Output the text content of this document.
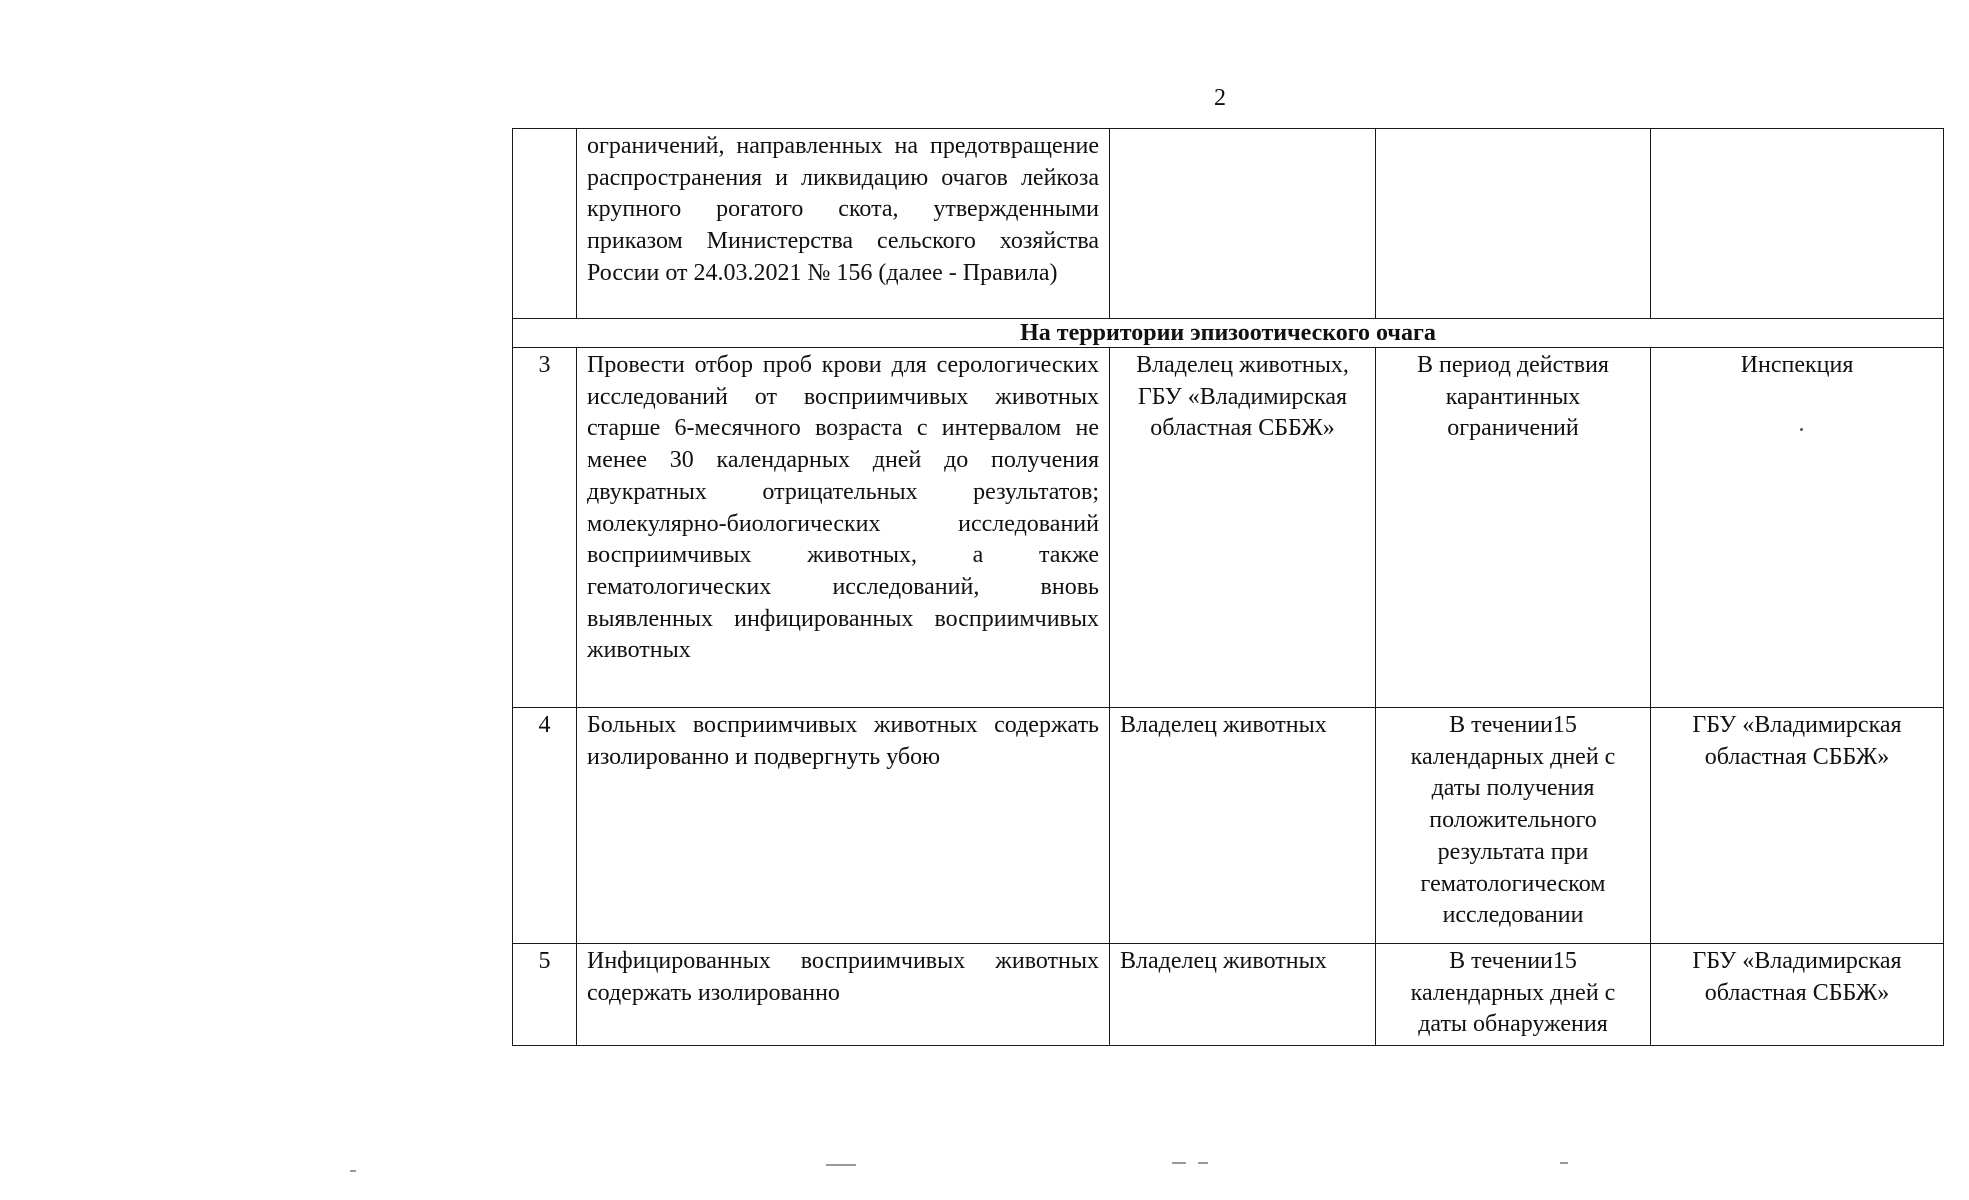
2
	ограничений, направленных на предотвращение распространения и ликвидацию очагов лейкоза крупного рогатого скота, утвержденными приказом Министерства сельского хозяйства России от 24.03.2021 № 156 (далее - Правила)			
На территории эпизоотического очага				
3	Провести отбор проб крови для серологических исследований от восприимчивых животных старше 6-месячного возраста с интервалом не менее 30 календарных дней до получения двукратных отрицательных результатов; молекулярно-биологических исследований восприимчивых животных, а также гематологических исследований, вновь выявленных инфицированных восприимчивых животных	Владелец животных, ГБУ «Владимирская областная СББЖ»	В период действия карантинных ограничений	Инспекция
4	Больных восприимчивых животных содержать изолированно и подвергнуть убою	Владелец животных	В течении15 календарных дней с даты получения положительного результата при гематологическом исследовании	ГБУ «Владимирская областная СББЖ»
5	Инфицированных восприимчивых животных содержать изолированно	Владелец животных	В течении15 календарных дней с даты обнаружения	ГБУ «Владимирская областная СББЖ»
